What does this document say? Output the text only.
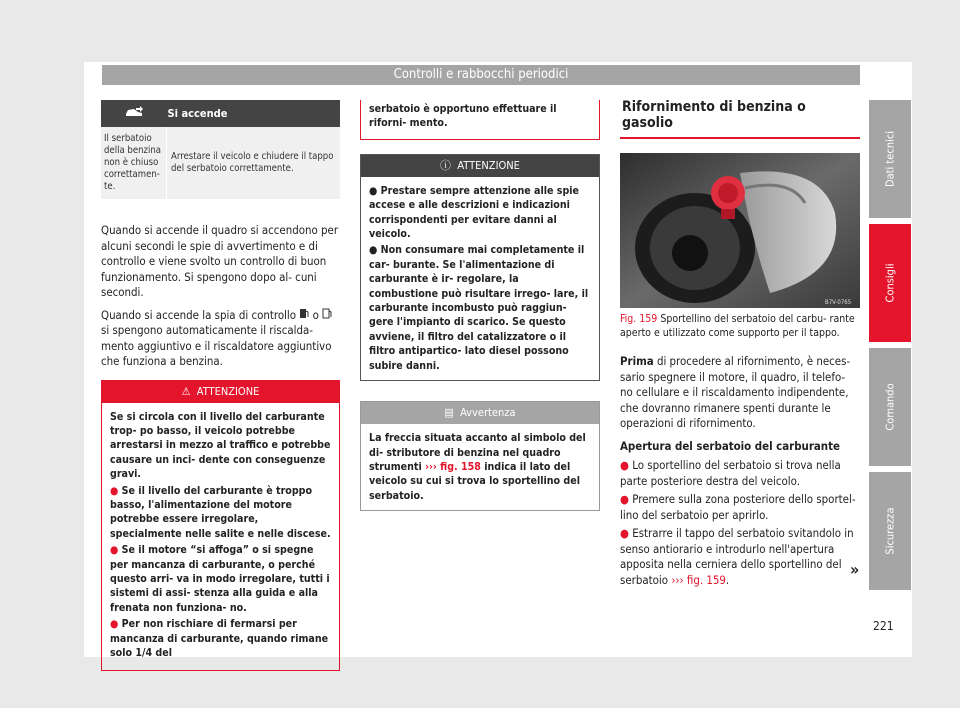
Controlli e rabbocchi periodici
Dati tecnici
Consigli
Comando
Sicurezza
	Si accende
Il serbatoio della benzina non è chiuso correttamen- te.	Arrestare il veicolo e chiudere il tappo del serbatoio correttamente.

Quando si accende il quadro si accendono per alcuni secondi le spie di avvertimento e di controllo e viene svolto un controllo di buon funzionamento. Si spengono dopo al- cuni secondi.

Quando si accende la spia di controllo o  si spengono automaticamente il riscalda- mento aggiuntivo e il riscaldatore aggiuntivo che funziona a benzina.

⚠  ATTENZIONE

Se si circola con il livello del carburante trop- po basso, il veicolo potrebbe arrestarsi in mezzo al traffico e potrebbe causare un inci- dente con conseguenze gravi.

● Se il livello del carburante è troppo basso, l'alimentazione del motore potrebbe essere irregolare, specialmente nelle salite e nelle discese.

● Se il motore “si affoga” o si spegne per mancanza di carburante, o perché questo arri- va in modo irregolare, tutti i sistemi di assi- stenza alla guida e alla frenata non funziona- no.

● Per non rischiare di fermarsi per mancanza di carburante, quando rimane solo 1/4 del

serbatoio è opportuno effettuare il riforni- mento.
ⓘ  ATTENZIONE

● Prestare sempre attenzione alle spie accese e alle descrizioni e indicazioni corrispondenti per evitare danni al veicolo.

● Non consumare mai completamente il car- burante. Se l'alimentazione di carburante è ir- regolare, la combustione può risultare irrego- lare, il carburante incombusto può raggiun- gere l'impianto di scarico. Se questo avviene, il filtro del catalizzatore o il filtro antipartico- lato diesel possono subire danni.

▤  Avvertenza
La freccia situata accanto al simbolo del di- stributore di benzina nel quadro strumenti ››› fig. 158 indica il lato del veicolo su cui si trova lo sportellino del serbatoio.
Rifornimento di benzina o gasolio
B7V-0765
Fig. 159 Sportellino del serbatoio del carbu- rante aperto e utilizzato come supporto per il tappo.

Prima di procedere al rifornimento, è neces- sario spegnere il motore, il quadro, il telefo- no cellulare e il riscaldamento indipendente, che dovranno rimanere spenti durante le operazioni di rifornimento.

Apertura del serbatoio del carburante

● Lo sportellino del serbatoio si trova nella parte posteriore destra del veicolo.

● Premere sulla zona posteriore dello sportel- lino del serbatoio per aprirlo.

● Estrarre il tappo del serbatoio svitandolo in senso antiorario e introdurlo nell'apertura apposita nella cerniera dello sportellino del serbatoio ››› fig. 159.

»
221
